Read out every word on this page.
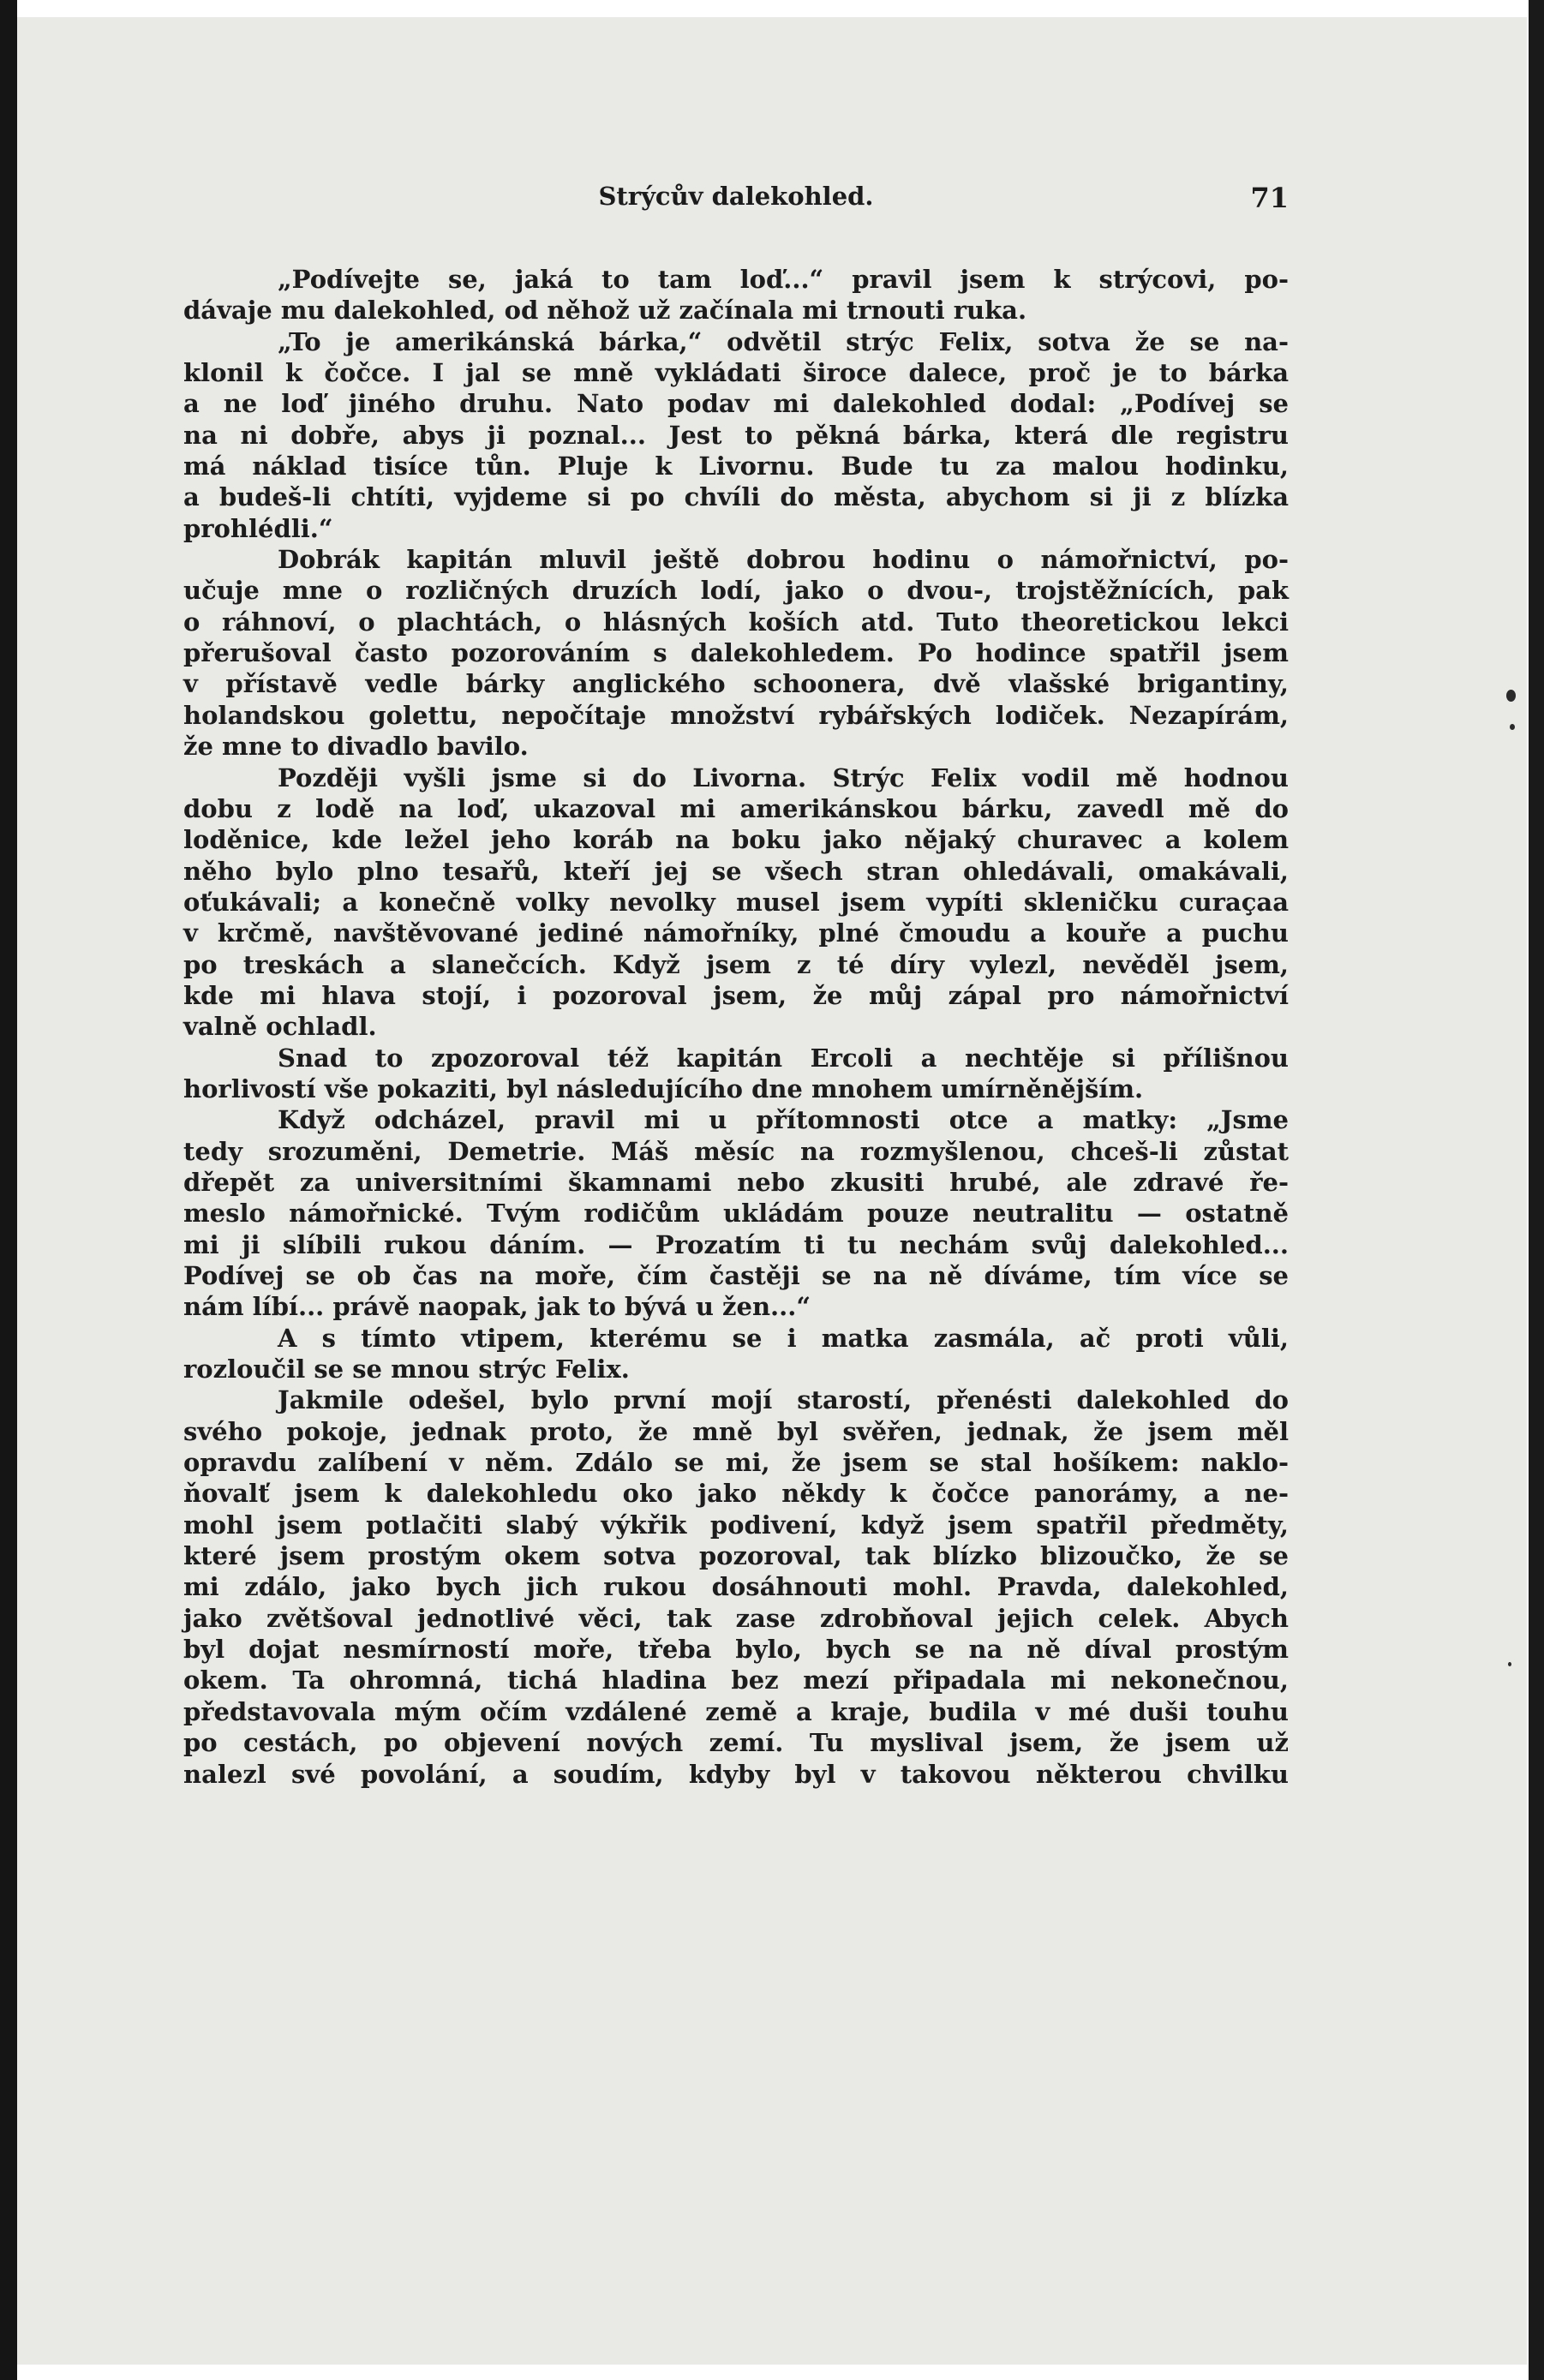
Strýcův dalekohled.	71
„Podívejte se, jaká to tam loď...“ pravil jsem k strýcovi, po-
dávaje mu dalekohled, od něhož už začínala mi trnouti ruka.
„To je amerikánská bárka,“ odvětil strýc Felix, sotva že se na-
klonil k čočce. I jal se mně vykládati široce dalece, proč je to bárka
a ne loď jiného druhu. Nato podav mi dalekohled dodal: „Podívej se
na ni dobře, abys ji poznal... Jest to pěkná bárka, která dle registru
má náklad tisíce tůn. Pluje k Livornu. Bude tu za malou hodinku,
a budeš-li chtíti, vyjdeme si po chvíli do města, abychom si ji z blízka
prohlédli.“
Dobrák kapitán mluvil ještě dobrou hodinu o námořnictví, po-
učuje mne o rozličných druzích lodí, jako o dvou-, trojstěžnících, pak
o ráhnoví, o plachtách, o hlásných koších atd. Tuto theoretickou lekci
přerušoval často pozorováním s dalekohledem. Po hodince spatřil jsem
v přístavě vedle bárky anglického schoonera, dvě vlašské brigantiny,
holandskou golettu, nepočítaje množství rybářských lodiček. Nezapírám,
že mne to divadlo bavilo.
Později vyšli jsme si do Livorna. Strýc Felix vodil mě hodnou
dobu z lodě na loď, ukazoval mi amerikánskou bárku, zavedl mě do
loděnice, kde ležel jeho koráb na boku jako nějaký churavec a kolem
něho bylo plno tesařů, kteří jej se všech stran ohledávali, omakávali,
oťukávali; a konečně volky nevolky musel jsem vypíti skleničku curaçaa
v krčmě, navštěvované jediné námořníky, plné čmoudu a kouře a puchu
po treskách a slanečcích. Když jsem z té díry vylezl, nevěděl jsem,
kde mi hlava stojí, i pozoroval jsem, že můj zápal pro námořnictví
valně ochladl.
Snad to zpozoroval též kapitán Ercoli a nechtěje si přílišnou
horlivostí vše pokaziti, byl následujícího dne mnohem umírněnějším.
Když odcházel, pravil mi u přítomnosti otce a matky: „Jsme
tedy srozuměni, Demetrie. Máš měsíc na rozmyšlenou, chceš-li zůstat
dřepět za universitními škamnami nebo zkusiti hrubé, ale zdravé ře-
meslo námořnické. Tvým rodičům ukládám pouze neutralitu — ostatně
mi ji slíbili rukou dáním. — Prozatím ti tu nechám svůj dalekohled...
Podívej se ob čas na moře, čím častěji se na ně díváme, tím více se
nám líbí... právě naopak, jak to bývá u žen...“
A s tímto vtipem, kterému se i matka zasmála, ač proti vůli,
rozloučil se se mnou strýc Felix.
Jakmile odešel, bylo první mojí starostí, přenésti dalekohled do
svého pokoje, jednak proto, že mně byl svěřen, jednak, že jsem měl
opravdu zalíbení v něm. Zdálo se mi, že jsem se stal hošíkem: naklo-
ňovalť jsem k dalekohledu oko jako někdy k čočce panorámy, a ne-
mohl jsem potlačiti slabý výkřik podivení, když jsem spatřil předměty,
které jsem prostým okem sotva pozoroval, tak blízko blizoučko, že se
mi zdálo, jako bych jich rukou dosáhnouti mohl. Pravda, dalekohled,
jako zvětšoval jednotlivé věci, tak zase zdrobňoval jejich celek. Abych
byl dojat nesmírností moře, třeba bylo, bych se na ně díval prostým
okem. Ta ohromná, tichá hladina bez mezí připadala mi nekonečnou,
představovala mým očím vzdálené země a kraje, budila v mé duši touhu
po cestách, po objevení nových zemí. Tu myslival jsem, že jsem už
nalezl své povolání, a soudím, kdyby byl v takovou některou chvilku
